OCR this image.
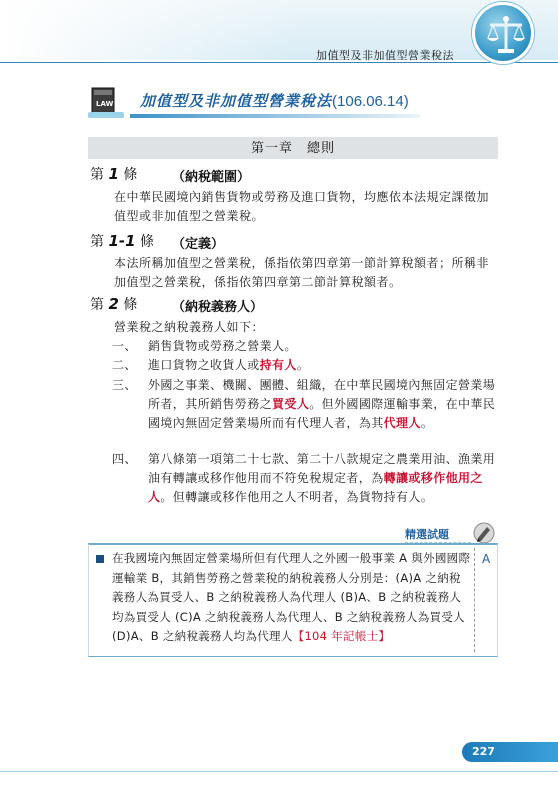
加值型及非加值型營業稅法
LAW 加值型及非加值型營業稅法(106.06.14)
第一章　總則
第 1 條	（納稅範圍）
在中華民國境內銷售貨物或勞務及進口貨物，均應依本法規定課徵加值型或非加值型之營業稅。
第 1-1 條 （定義）
本法所稱加值型之營業稅，係指依第四章第一節計算稅額者；所稱非加值型之營業稅，係指依第四章第二節計算稅額者。
第 2 條	（納稅義務人）
營業稅之納稅義務人如下：
一、 銷售貨物或勞務之營業人。
二、 進口貨物之收貨人或持有人。
三、 外國之事業、機關、團體、組織，在中華民國境內無固定營業場所者，其所銷售勞務之買受人。但外國國際運輸事業，在中華民國境內無固定營業場所而有代理人者，為其代理人。
四、 第八條第一項第二十七款、第二十八款規定之農業用油、漁業用油有轉讓或移作他用而不符免稅規定者，為轉讓或移作他用之人。但轉讓或移作他用之人不明者，為貨物持有人。
精選試題
在我國境內無固定營業場所但有代理人之外國一般事業 A 與外國國際運輸業 B，其銷售勞務之營業稅的納稅義務人分別是：(A)A 之納稅義務人為買受人、B 之納稅義務人為代理人 (B)A、B 之納稅義務人均為買受人 (C)A 之納稅義務人為代理人、B 之納稅義務人為買受人 (D)A、B 之納稅義務人均為代理人【104 年記帳士】
A
227
